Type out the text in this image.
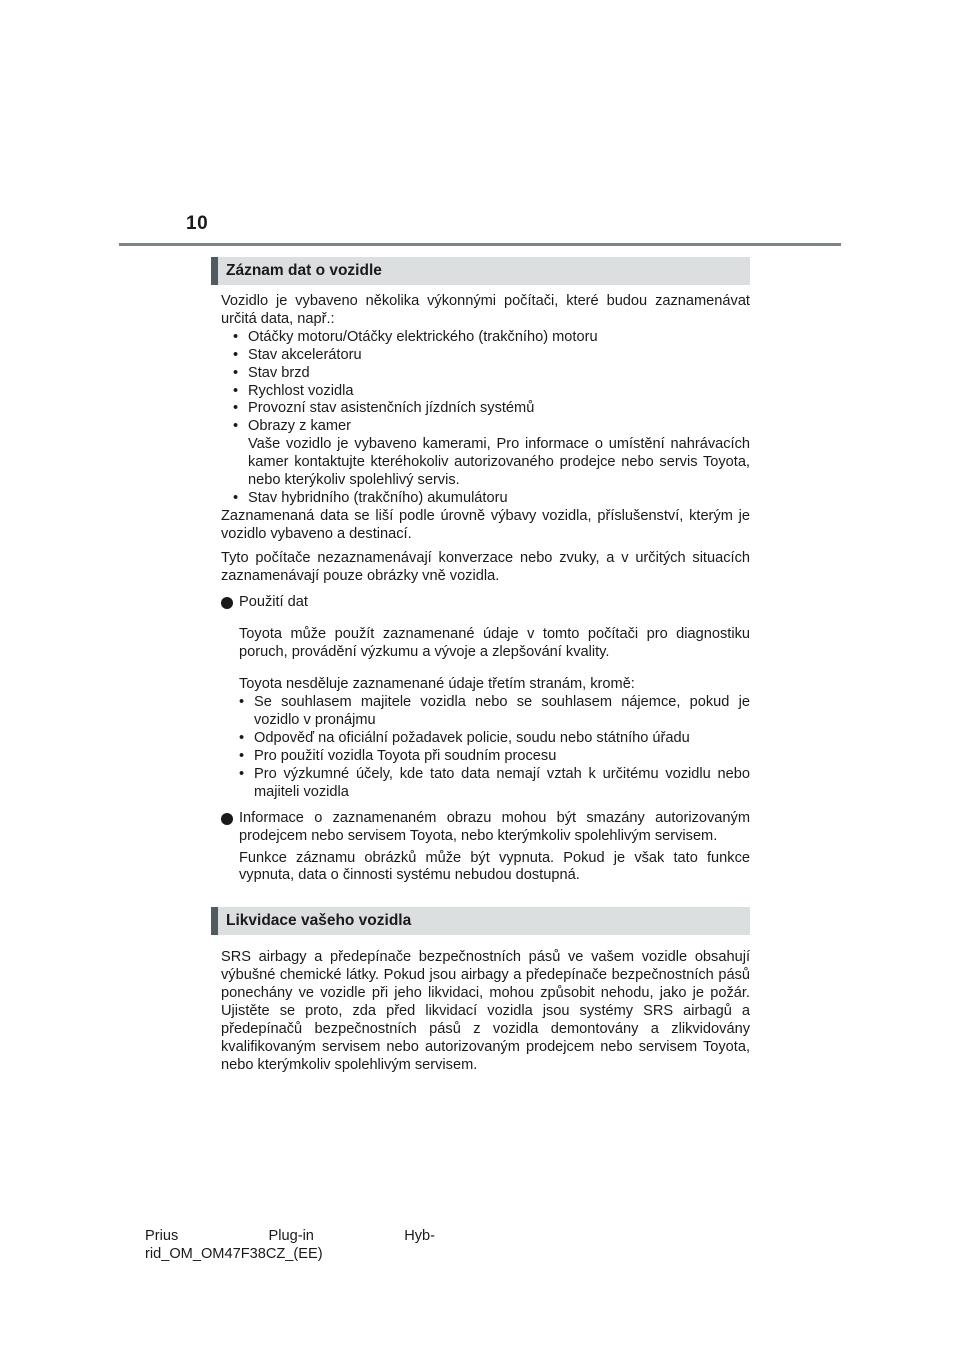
10
Záznam dat o vozidle

Vozidlo je vybaveno několika výkonnými počítači, které budou zaznamenávat určitá data, např.:

• Otáčky motoru/Otáčky elektrického (trakčního) motoru
• Stav akcelerátoru
• Stav brzd
• Rychlost vozidla
• Provozní stav asistenčních jízdních systémů
• Obrazy z kamer
Vaše vozidlo je vybaveno kamerami, Pro informace o umístění nahrávacích kamer kontaktujte kteréhokoliv autorizovaného prodejce nebo servis Toyota, nebo kterýkoliv spolehlivý servis.
• Stav hybridního (trakčního) akumulátoru

Zaznamenaná data se liší podle úrovně výbavy vozidla, příslušenství, kterým je vozidlo vybaveno a destinací.

Tyto počítače nezaznamenávají konverzace nebo zvuky, a v určitých situacích zaznamenávají pouze obrázky vně vozidla.

Použití dat

Toyota může použít zaznamenané údaje v tomto počítači pro diagnostiku poruch, provádění výzkumu a vývoje a zlepšování kvality.

Toyota nesděluje zaznamenané údaje třetím stranám, kromě:

• Se souhlasem majitele vozidla nebo se souhlasem nájemce, pokud je vozidlo v pronájmu
• Odpověď na oficiální požadavek policie, soudu nebo státního úřadu
• Pro použití vozidla Toyota při soudním procesu
• Pro výzkumné účely, kde tato data nemají vztah k určitému vozidlu nebo majiteli vozidla
Informace o zaznamenaném obrazu mohou být smazány autorizovaným prodejcem nebo servisem Toyota, nebo kterýmkoliv spolehlivým servisem.

Funkce záznamu obrázků může být vypnuta. Pokud je však tato funkce vypnuta, data o činnosti systému nebudou dostupná.

Likvidace vašeho vozidla

SRS airbagy a předepínače bezpečnostních pásů ve vašem vozidle obsahují výbušné chemické látky. Pokud jsou airbagy a předepínače bezpečnostních pásů ponechány ve vozidle při jeho likvidaci, mohou způsobit nehodu, jako je požár. Ujistěte se proto, zda před likvidací vozidla jsou systémy SRS airbagů a předepínačů bezpečnostních pásů z vozidla demontovány a zlikvidovány kvalifikovaným servisem nebo autorizovaným prodejcem nebo servisem Toyota, nebo kterýmkoliv spolehlivým servisem.

Prius	Plug-in	Hyb-
rid_OM_OM47F38CZ_(EE)
